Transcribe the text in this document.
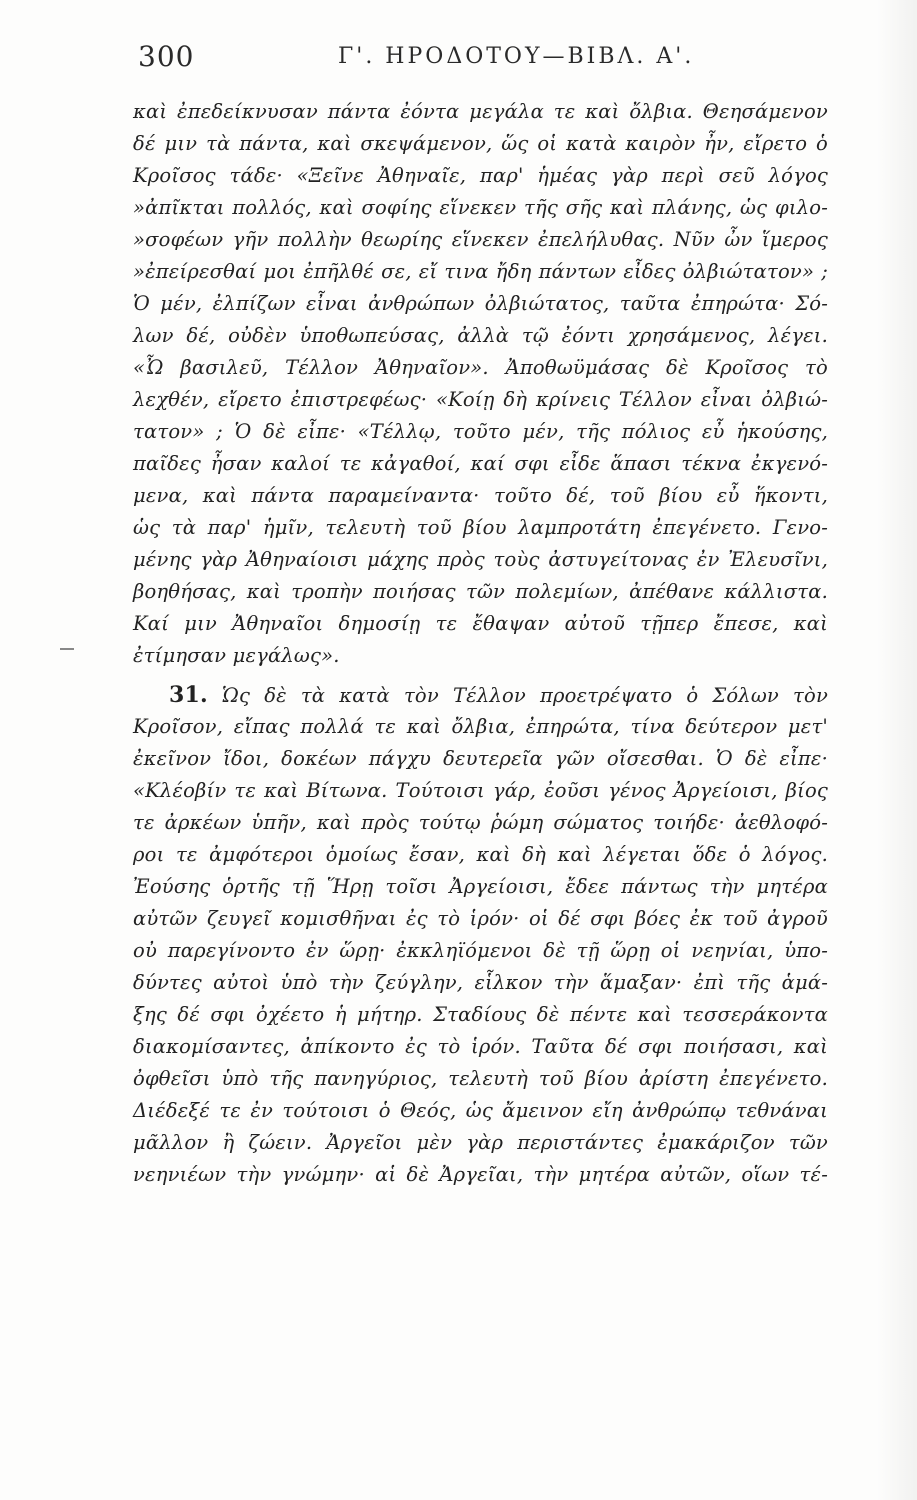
300	Γ'. ΗΡΟΔΟΤΟΥ—ΒΙΒΛ. Α'.
καὶ ἐπεδείκνυσαν πάντα ἐόντα μεγάλα τε καὶ ὄλβια. Θεησάμενον
δέ μιν τὰ πάντα, καὶ σκεψάμενον, ὥς οἱ κατὰ καιρὸν ἦν, εἴρετο ὁ
Κροῖσος τάδε· «Ξεῖνε Ἀθηναῖε, παρ' ἡμέας γὰρ περὶ σεῦ λόγος
»ἀπῖκται πολλός, καὶ σοφίης εἵνεκεν τῆς σῆς καὶ πλάνης, ὡς φιλο-
»σοφέων γῆν πολλὴν θεωρίης εἵνεκεν ἐπελήλυθας. Νῦν ὦν ἵμερος
»ἐπείρεσθαί μοι ἐπῆλθέ σε, εἴ τινα ἤδη πάντων εἶδες ὀλβιώτατον» ;
Ὁ μέν, ἐλπίζων εἶναι ἀνθρώπων ὀλβιώτατος, ταῦτα ἐπηρώτα· Σό-
λων δέ, οὐδὲν ὑποθωπεύσας, ἀλλὰ τῷ ἐόντι χρησάμενος, λέγει.
«Ὦ βασιλεῦ, Τέλλον Ἀθηναῖον». Ἀποθωϋμάσας δὲ Κροῖσος τὸ
λεχθέν, εἴρετο ἐπιστρεφέως· «Κοίῃ δὴ κρίνεις Τέλλον εἶναι ὀλβιώ-
τατον» ; Ὁ δὲ εἶπε· «Τέλλῳ, τοῦτο μέν, τῆς πόλιος εὖ ἡκούσης,
παῖδες ἦσαν καλοί τε κἀγαθοί, καί σφι εἶδε ἅπασι τέκνα ἐκγενό-
μενα, καὶ πάντα παραμείναντα· τοῦτο δέ, τοῦ βίου εὖ ἥκοντι,
ὡς τὰ παρ' ἡμῖν, τελευτὴ τοῦ βίου λαμπροτάτη ἐπεγένετο. Γενο-
μένης γὰρ Ἀθηναίοισι μάχης πρὸς τοὺς ἀστυγείτονας ἐν Ἐλευσῖνι,
βοηθήσας, καὶ τροπὴν ποιήσας τῶν πολεμίων, ἀπέθανε κάλλιστα.
Καί μιν Ἀθηναῖοι δημοσίῃ τε ἔθαψαν αὐτοῦ τῇπερ ἔπεσε, καὶ
ἐτίμησαν μεγάλως».
31. Ὡς δὲ τὰ κατὰ τὸν Τέλλον προετρέψατο ὁ Σόλων τὸν
Κροῖσον, εἴπας πολλά τε καὶ ὄλβια, ἐπηρώτα, τίνα δεύτερον μετ'
ἐκεῖνον ἴδοι, δοκέων πάγχυ δευτερεῖα γῶν οἴσεσθαι. Ὁ δὲ εἶπε·
«Κλέοβίν τε καὶ Βίτωνα. Τούτοισι γάρ, ἐοῦσι γένος Ἀργείοισι, βίος
τε ἀρκέων ὑπῆν, καὶ πρὸς τούτῳ ῥώμη σώματος τοιήδε· ἀεθλοφό-
ροι τε ἀμφότεροι ὁμοίως ἔσαν, καὶ δὴ καὶ λέγεται ὅδε ὁ λόγος.
Ἐούσης ὁρτῆς τῇ Ἥρῃ τοῖσι Ἀργείοισι, ἔδεε πάντως τὴν μητέρα
αὐτῶν ζευγεῖ κομισθῆναι ἐς τὸ ἱρόν· οἱ δέ σφι βόες ἐκ τοῦ ἀγροῦ
οὐ παρεγίνοντο ἐν ὥρῃ· ἐκκληϊόμενοι δὲ τῇ ὥρῃ οἱ νεηνίαι, ὑπο-
δύντες αὐτοὶ ὑπὸ τὴν ζεύγλην, εἷλκον τὴν ἅμαξαν· ἐπὶ τῆς ἁμά-
ξης δέ σφι ὀχέετο ἡ μήτηρ. Σταδίους δὲ πέντε καὶ τεσσεράκοντα
διακομίσαντες, ἀπίκοντο ἐς τὸ ἱρόν. Ταῦτα δέ σφι ποιήσασι, καὶ
ὀφθεῖσι ὑπὸ τῆς πανηγύριος, τελευτὴ τοῦ βίου ἀρίστη ἐπεγένετο.
Διέδεξέ τε ἐν τούτοισι ὁ Θεός, ὡς ἄμεινον εἴη ἀνθρώπῳ τεθνάναι
μᾶλλον ἢ ζώειν. Ἀργεῖοι μὲν γὰρ περιστάντες ἐμακάριζον τῶν
νεηνιέων τὴν γνώμην· αἱ δὲ Ἀργεῖαι, τὴν μητέρα αὐτῶν, οἵων τέ-
